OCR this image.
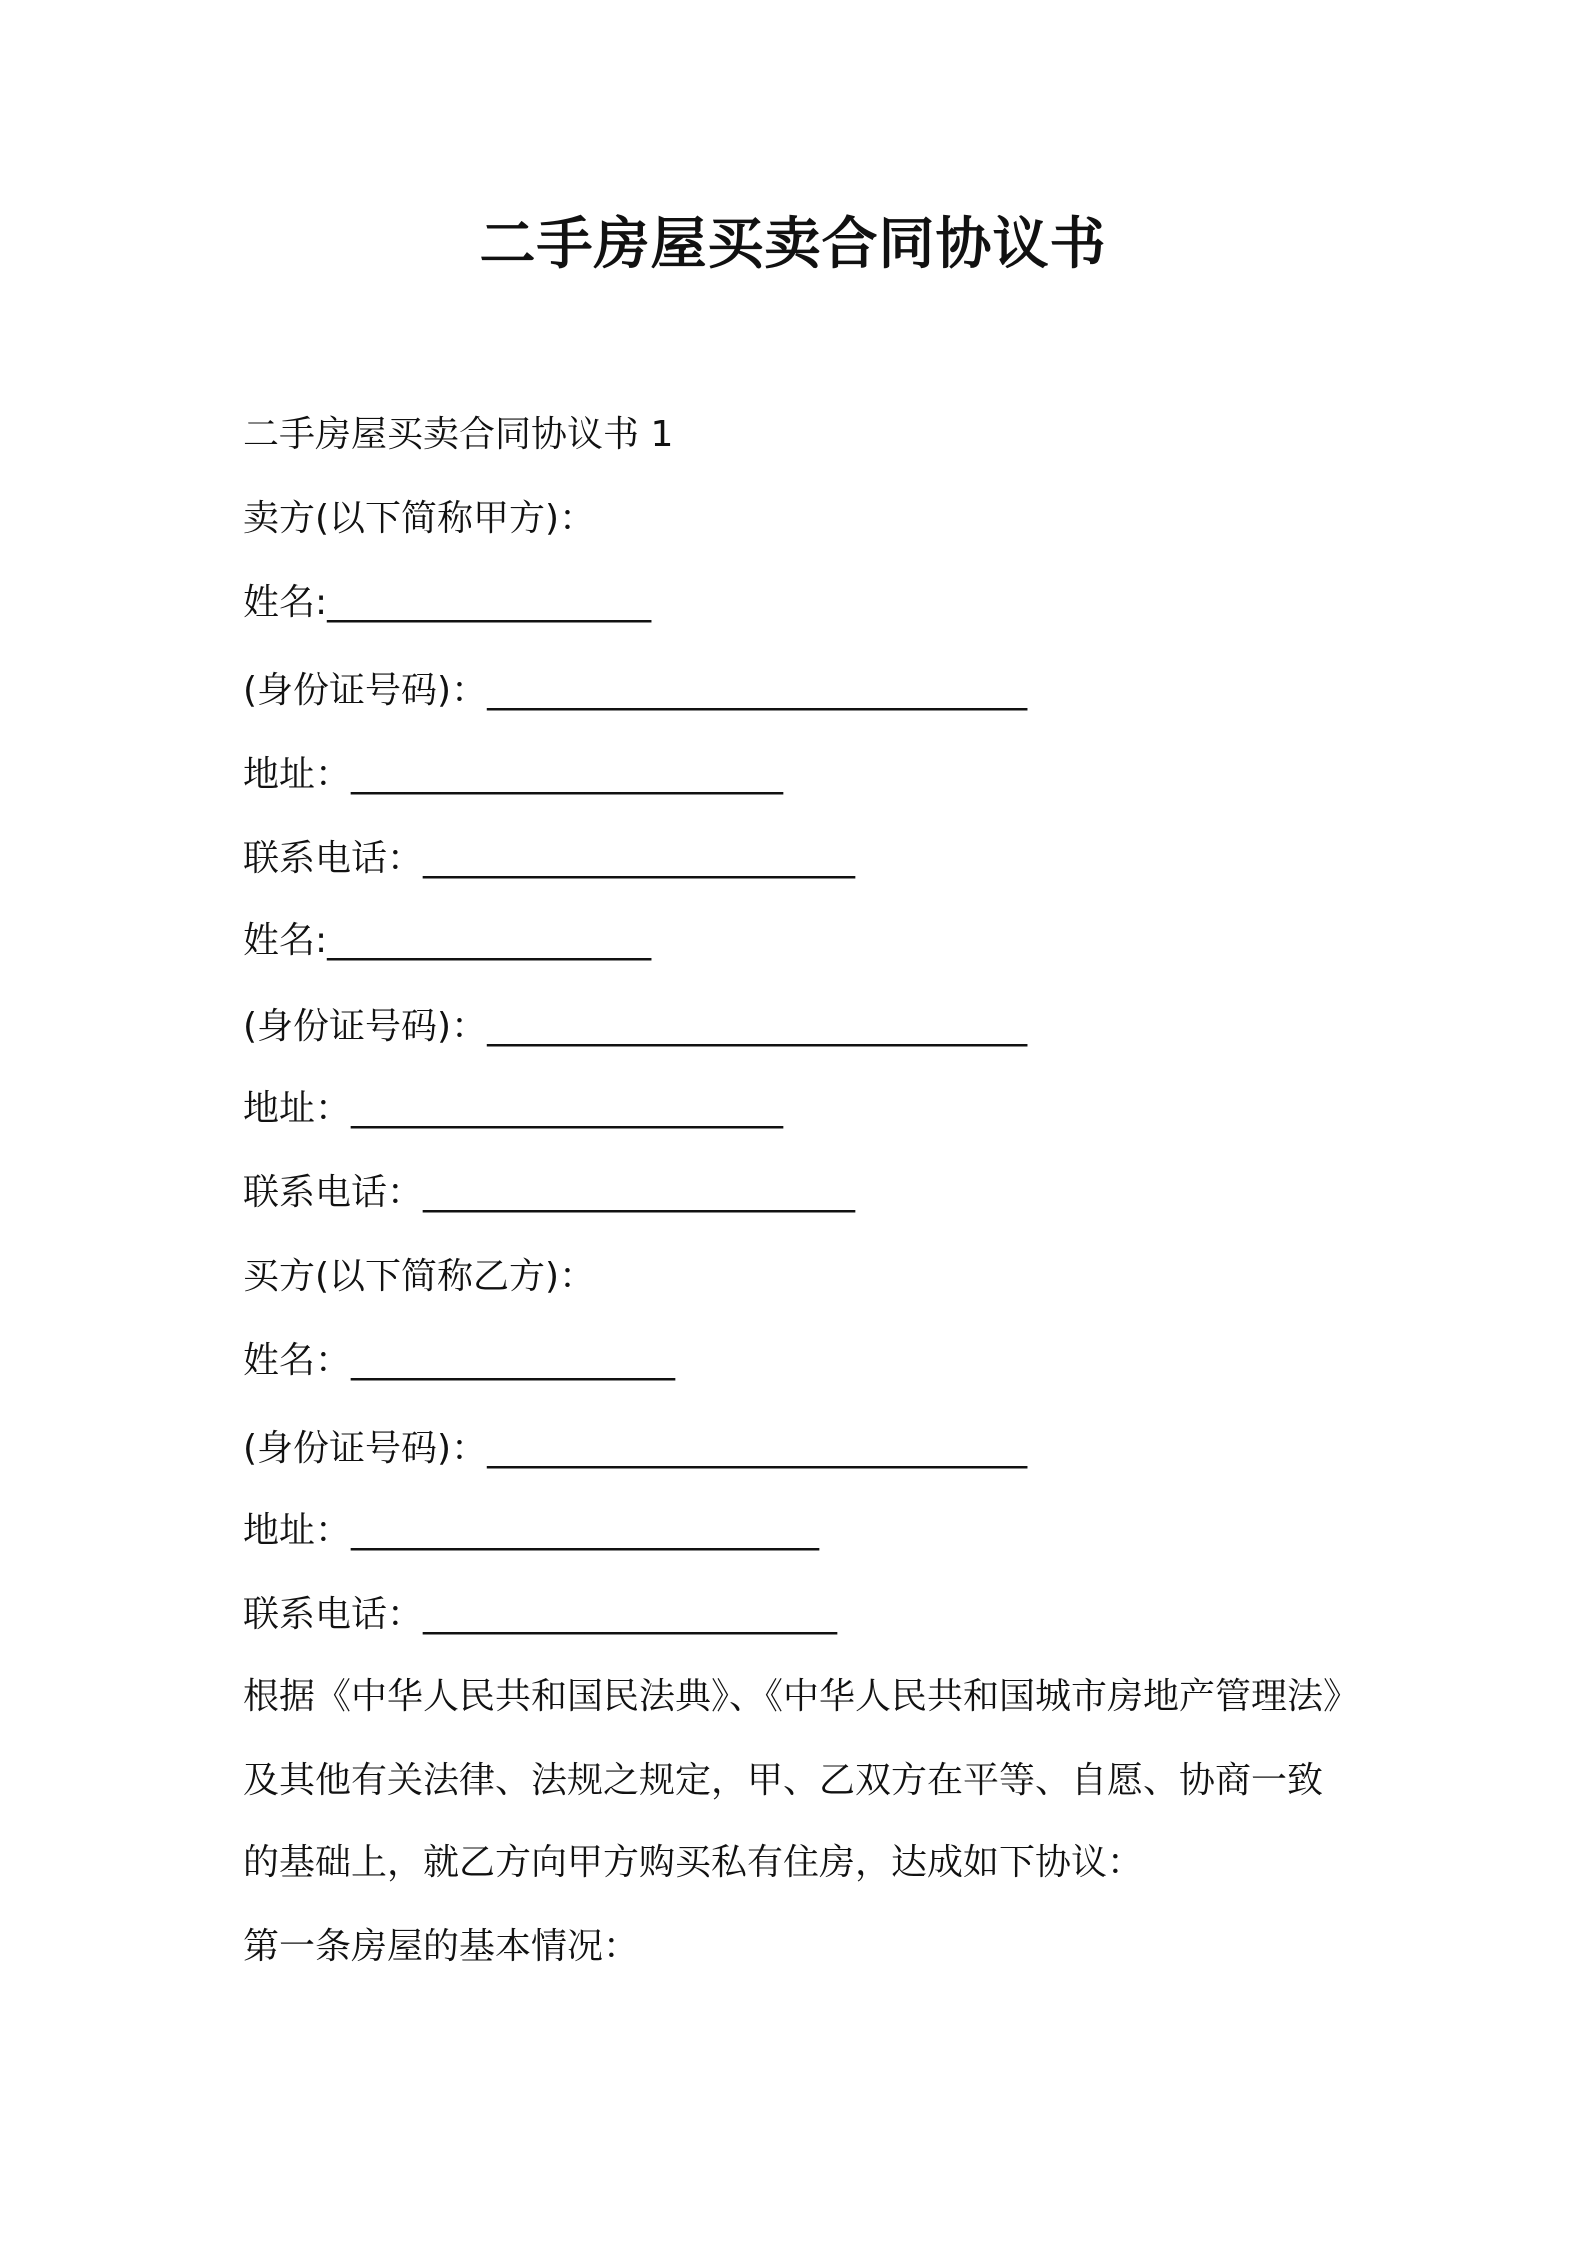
二手房屋买卖合同协议书
二手房屋买卖合同协议书 1
卖方(以下简称甲方)：
姓名:__________________
(身份证号码)：______________________________
地址：________________________
联系电话：________________________
姓名:__________________
(身份证号码)：______________________________
地址：________________________
联系电话：________________________
买方(以下简称乙方)：
姓名：__________________
(身份证号码)：______________________________
地址：__________________________
联系电话：_______________________
根据《中华人民共和国民法典》、《中华人民共和国城市房地产管理法》
及其他有关法律、法规之规定，甲、乙双方在平等、自愿、协商一致
的基础上，就乙方向甲方购买私有住房，达成如下协议：
第一条房屋的基本情况：
